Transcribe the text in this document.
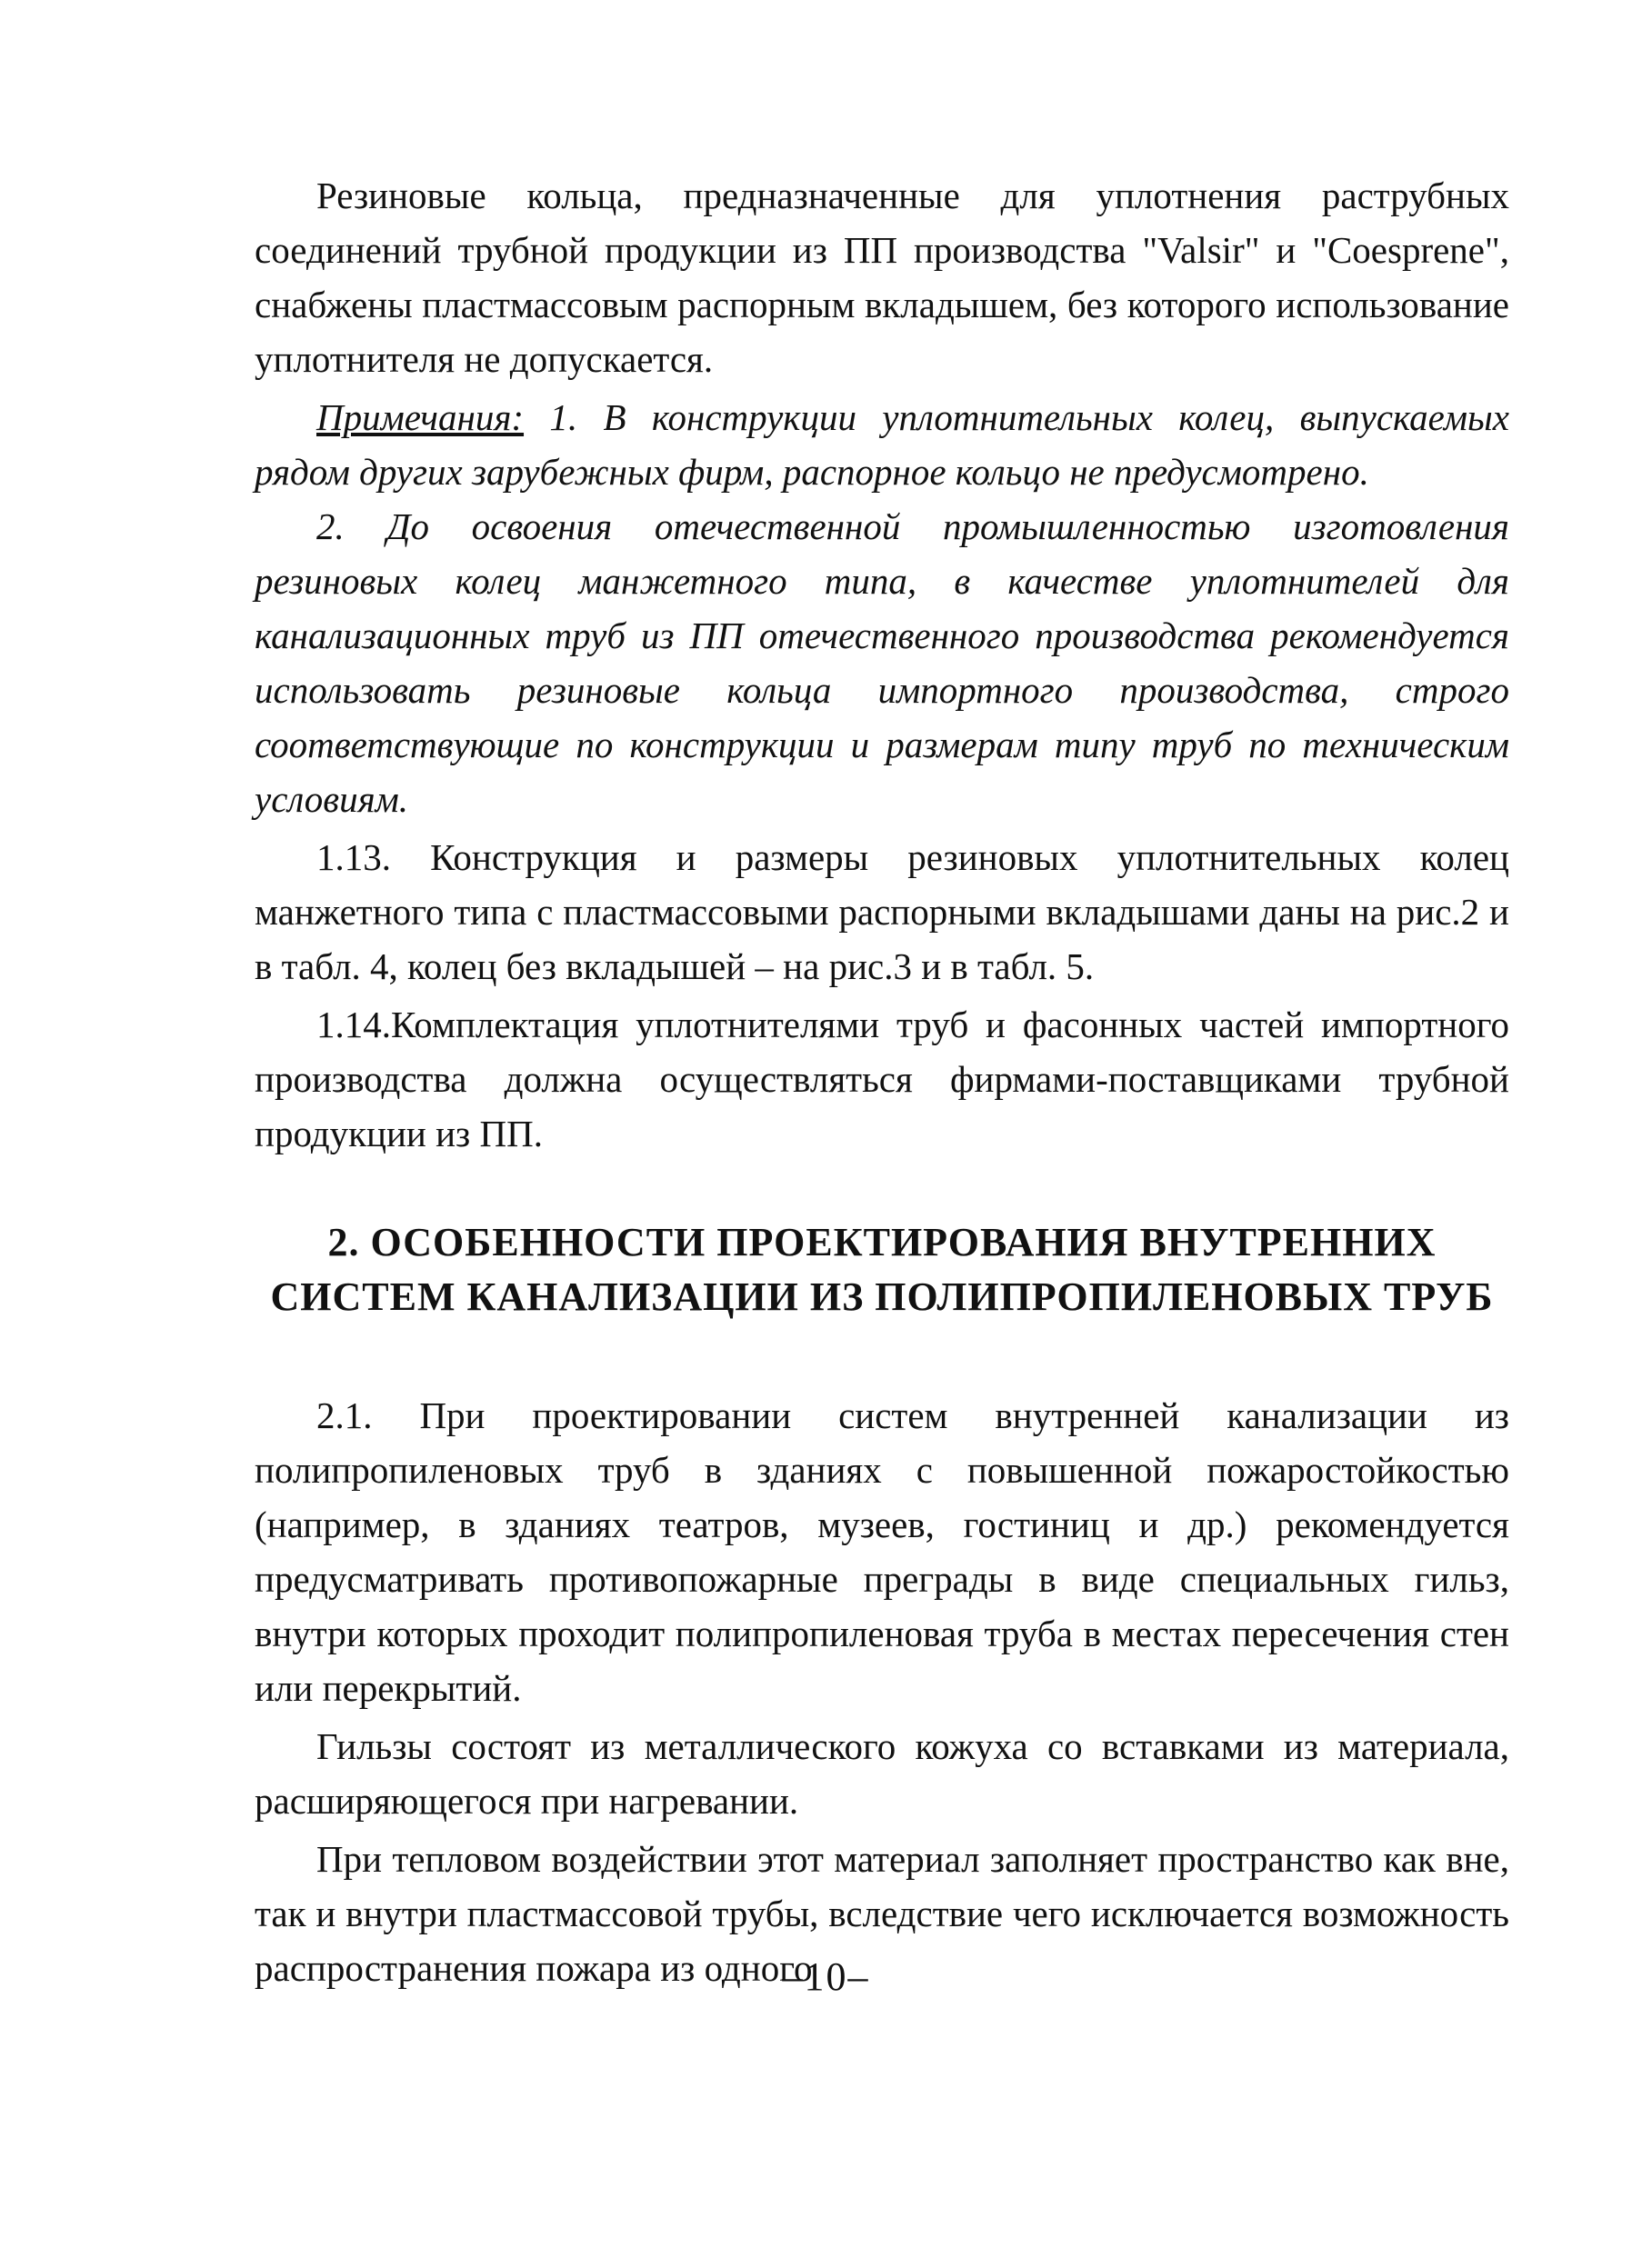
Резиновые кольца, предназначенные для уплотнения раструбных соединений трубной продукции из ПП производства "Valsir" и "Coesprene", снабжены пластмассовым распорным вкладышем, без которого использование уплотнителя не допускается.

Примечания: 1. В конструкции уплотнительных колец, выпускаемых рядом других зарубежных фирм, распорное кольцо не предусмотрено.

2. До освоения отечественной промышленностью изготовления резиновых колец манжетного типа, в качестве уплотнителей для канализационных труб из ПП отечественного производства рекомендуется использовать резиновые кольца импортного производства, строго соответствующие по конструкции и размерам типу труб по техническим условиям.

1.13. Конструкция и размеры резиновых уплотнительных колец манжетного типа с пластмассовыми распорными вкладышами даны на рис.2 и в табл. 4, колец без вкладышей – на рис.3 и в табл. 5.

1.14.Комплектация уплотнителями труб и фасонных частей импортного производства должна осуществляться фирмами-поставщиками трубной продукции из ПП.

2. ОСОБЕННОСТИ ПРОЕКТИРОВАНИЯ ВНУТРЕННИХ
СИСТЕМ КАНАЛИЗАЦИИ ИЗ ПОЛИПРОПИЛЕНОВЫХ ТРУБ

2.1. При проектировании систем внутренней канализации из полипропиленовых труб в зданиях с повышенной пожаростойкостью (например, в зданиях театров, музеев, гостиниц и др.) рекомендуется предусматривать противопожарные преграды в виде специальных гильз, внутри которых проходит полипропиленовая труба в местах пересечения стен или перекрытий.

Гильзы состоят из металлического кожуха со вставками из материала, расширяющегося при нагревании.

При тепловом воздействии этот материал заполняет пространство как вне, так и внутри пластмассовой трубы, вследствие чего исключается возможность распространения пожара из одного

–10–
